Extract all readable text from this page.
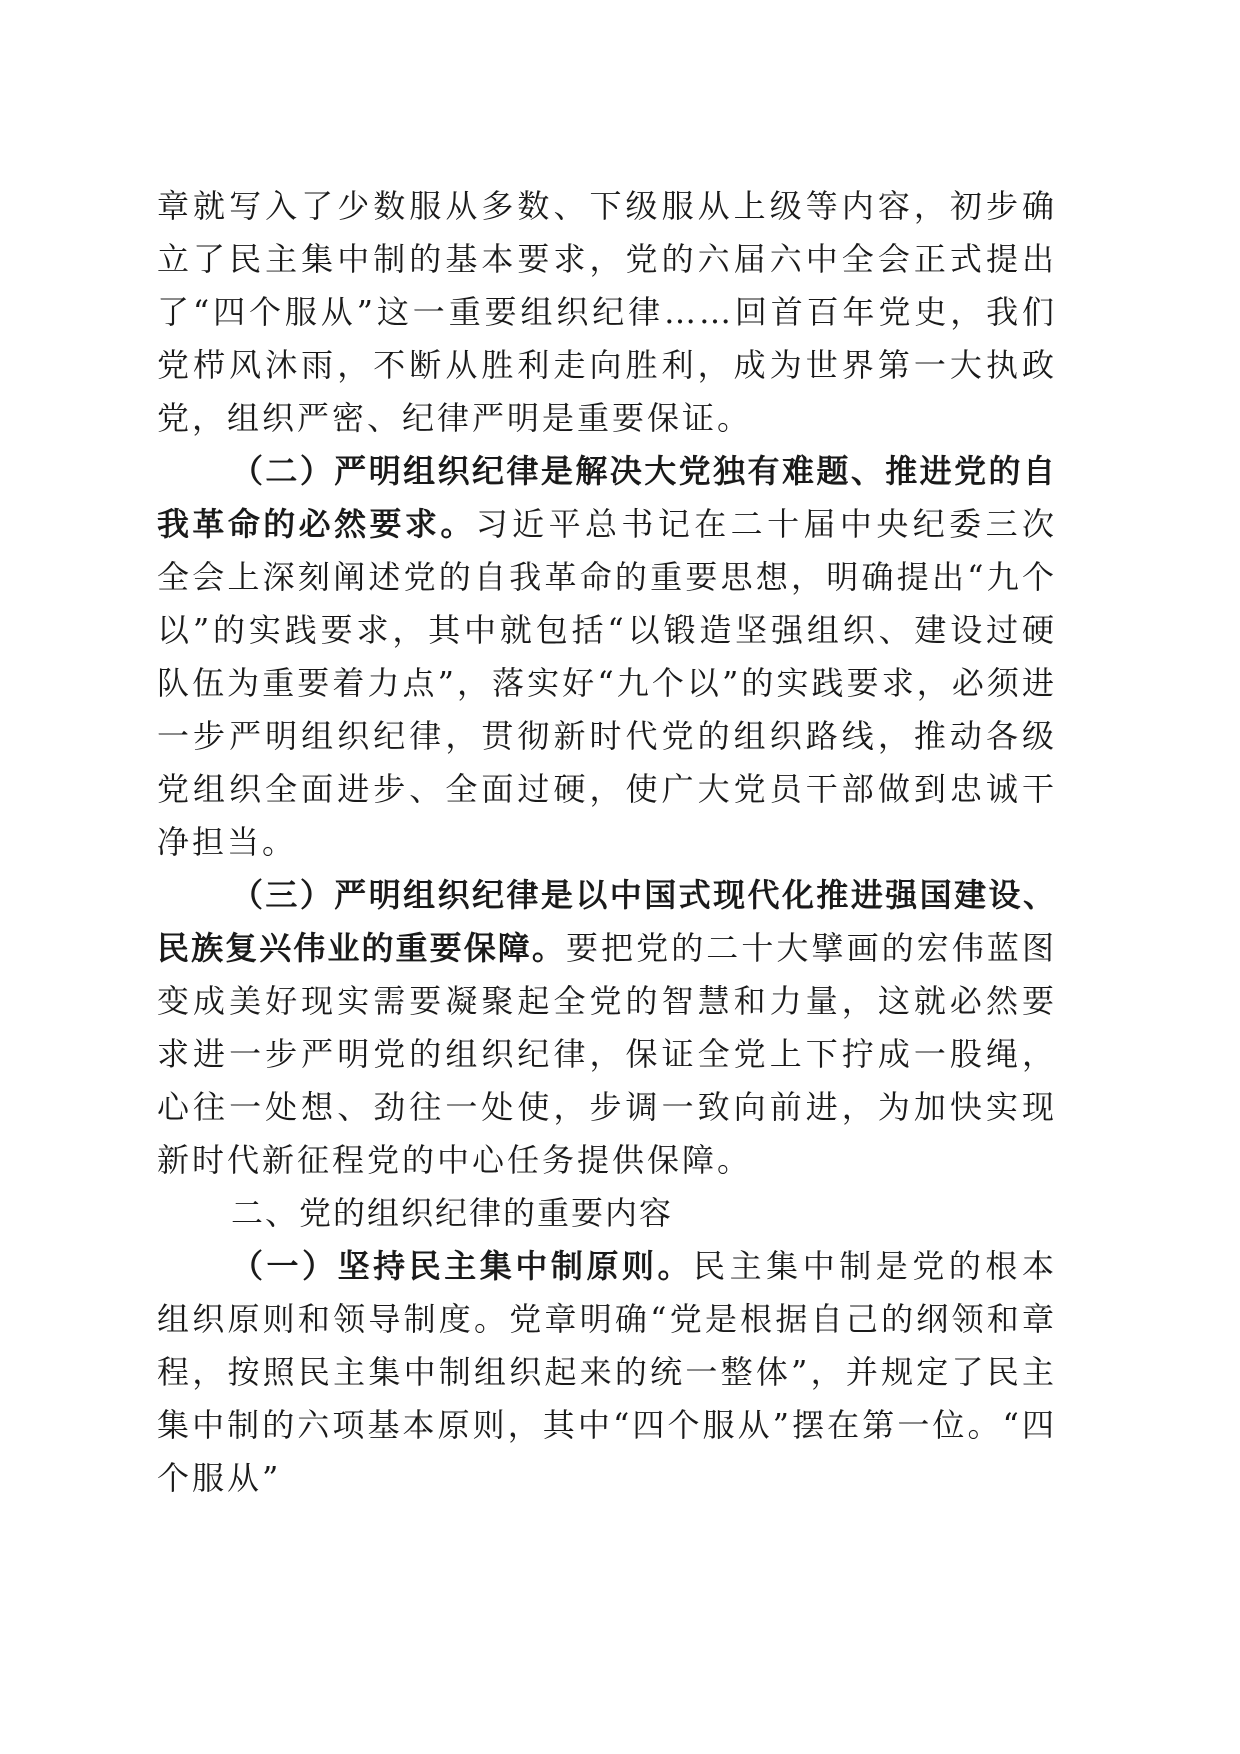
章就写入了少数服从多数、下级服从上级等内容，初步确立了民主集中制的基本要求，党的六届六中全会正式提出了“四个服从”这一重要组织纪律……回首百年党史，我们党栉风沐雨，不断从胜利走向胜利，成为世界第一大执政党，组织严密、纪律严明是重要保证。

（二）严明组织纪律是解决大党独有难题、推进党的自我革命的必然要求。习近平总书记在二十届中央纪委三次全会上深刻阐述党的自我革命的重要思想，明确提出“九个以”的实践要求，其中就包括“以锻造坚强组织、建设过硬队伍为重要着力点”，落实好“九个以”的实践要求，必须进一步严明组织纪律，贯彻新时代党的组织路线，推动各级党组织全面进步、全面过硬，使广大党员干部做到忠诚干净担当。

（三）严明组织纪律是以中国式现代化推进强国建设、民族复兴伟业的重要保障。要把党的二十大擘画的宏伟蓝图变成美好现实需要凝聚起全党的智慧和力量，这就必然要求进一步严明党的组织纪律，保证全党上下拧成一股绳，心往一处想、劲往一处使，步调一致向前进，为加快实现新时代新征程党的中心任务提供保障。

二、党的组织纪律的重要内容

（一）坚持民主集中制原则。民主集中制是党的根本组织原则和领导制度。党章明确“党是根据自己的纲领和章程，按照民主集中制组织起来的统一整体”，并规定了民主集中制的六项基本原则，其中“四个服从”摆在第一位。“四个服从”
